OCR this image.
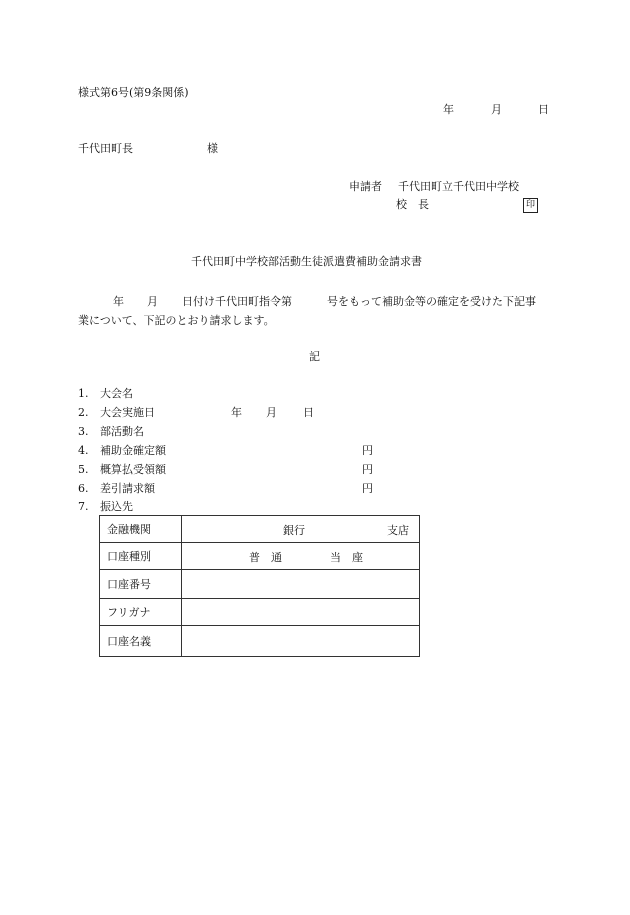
様式第6号(第9条関係)
年	月	日
千代田町長	様
申請者 千代田町立千代田中学校
校　長	印
千代田町中学校部活動生徒派遣費補助金請求書
年 月 日付け千代田町指令第	号をもって補助金等の確定を受けた下記事
業について、下記のとおり請求します。
記
1. 大会名
2. 大会実施日	年 月 日
3. 部活動名
4. 補助金確定額	円
5. 概算払受領額	円
6. 差引請求額	円
7. 振込先
金融機関	銀行 支店

口座種別	普　通 当　座

口座番号	
フリガナ	
口座名義	
